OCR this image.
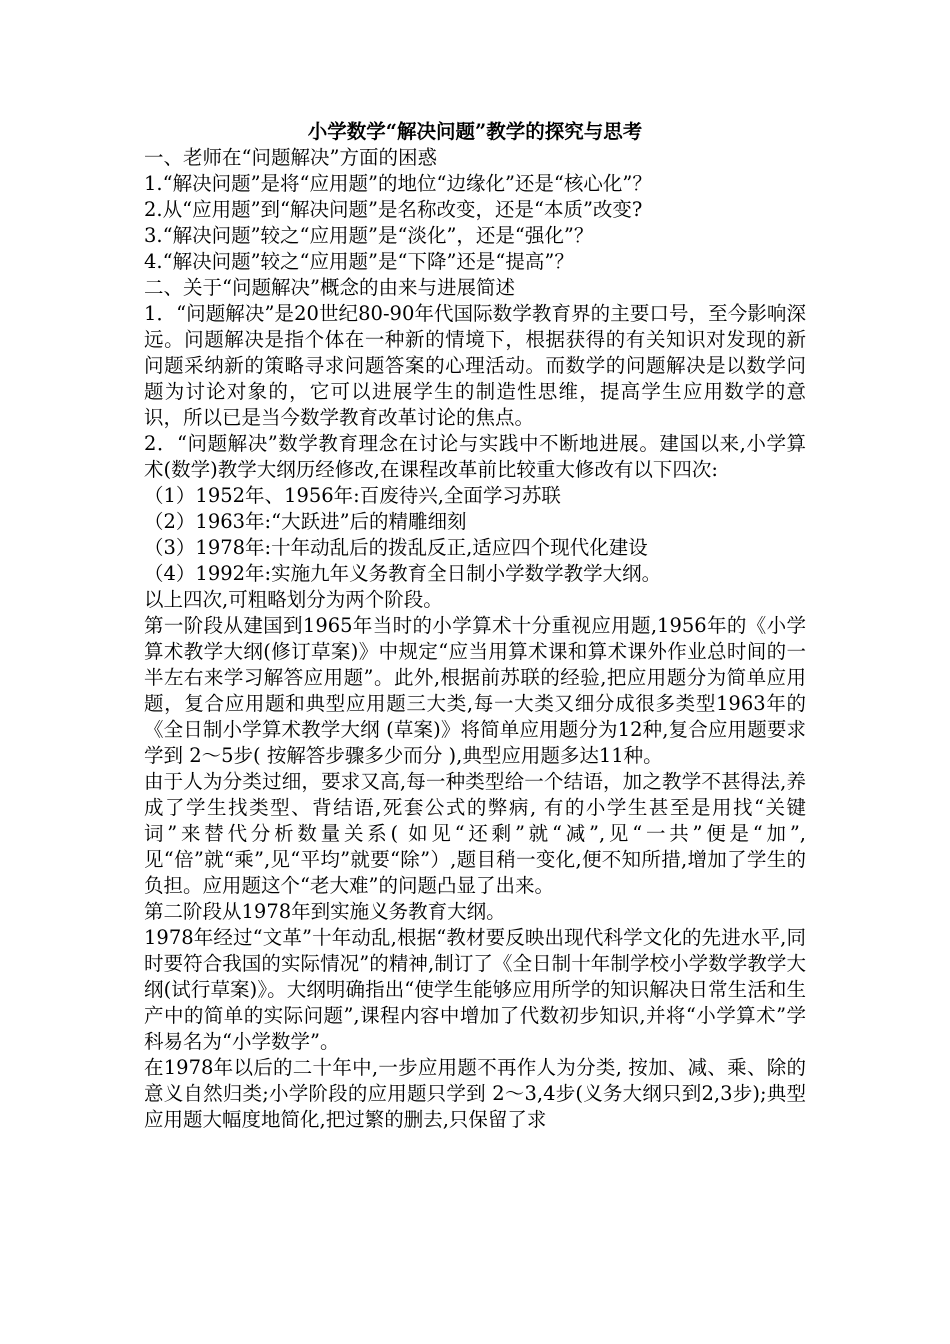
小学数学“解决问题”教学的探究与思考

一、老师在“问题解决”方面的困惑

1.“解决问题”是将“应用题”的地位“边缘化”还是“核心化”？

2.从“应用题”到“解决问题”是名称改变，还是“本质”改变?

3.“解决问题”较之“应用题”是“淡化”，还是“强化”？

4.“解决问题”较之“应用题”是“下降”还是“提高”？

二、关于“问题解决”概念的由来与进展简述

1．“问题解决”是20世纪80-90年代国际数学教育界的主要口号，至今影响深远。问题解决是指个体在一种新的情境下，根据获得的有关知识对发现的新问题采纳新的策略寻求问题答案的心理活动。而数学的问题解决是以数学问题为讨论对象的，它可以进展学生的制造性思维，提高学生应用数学的意识，所以已是当今数学教育改革讨论的焦点。

2．“问题解决”数学教育理念在讨论与实践中不断地进展。建国以来,小学算术(数学)教学大纲历经修改,在课程改革前比较重大修改有以下四次:

（1）1952年、1956年:百废待兴,全面学习苏联

（2）1963年:“大跃进”后的精雕细刻

（3）1978年:十年动乱后的拨乱反正,适应四个现代化建设

（4）1992年:实施九年义务教育全日制小学数学教学大纲。

以上四次,可粗略划分为两个阶段。

第一阶段从建国到1965年当时的小学算术十分重视应用题,1956年的《小学算术教学大纲(修订草案)》中规定“应当用算术课和算术课外作业总时间的一半左右来学习解答应用题”。此外,根据前苏联的经验,把应用题分为简单应用题，复合应用题和典型应用题三大类,每一大类又细分成很多类型1963年的《全日制小学算术教学大纲 (草案)》将简单应用题分为12种,复合应用题要求学到 2～5步( 按解答步骤多少而分 ),典型应用题多达11种。

由于人为分类过细，要求又高,每一种类型给一个结语，加之教学不甚得法,养成了学生找类型、背结语,死套公式的弊病, 有的小学生甚至是用找“关键词”来替代分析数量关系( 如见“还剩”就“减”,见“一共”便是“加”,见“倍”就“乘”,见“平均”就要“除”）,题目稍一变化,便不知所措,增加了学生的负担。应用题这个“老大难”的问题凸显了出来。

第二阶段从1978年到实施义务教育大纲。

1978年经过“文革”十年动乱,根据“教材要反映出现代科学文化的先进水平,同时要符合我国的实际情况”的精神,制订了《全日制十年制学校小学数学教学大纲(试行草案)》。大纲明确指出“使学生能够应用所学的知识解决日常生活和生产中的简单的实际问题”,课程内容中增加了代数初步知识,并将“小学算术”学科易名为“小学数学”。

在1978年以后的二十年中,一步应用题不再作人为分类, 按加、减、乘、除的意义自然归类;小学阶段的应用题只学到 2～3,4步(义务大纲只到2,3步);典型应用题大幅度地简化,把过繁的删去,只保留了求
